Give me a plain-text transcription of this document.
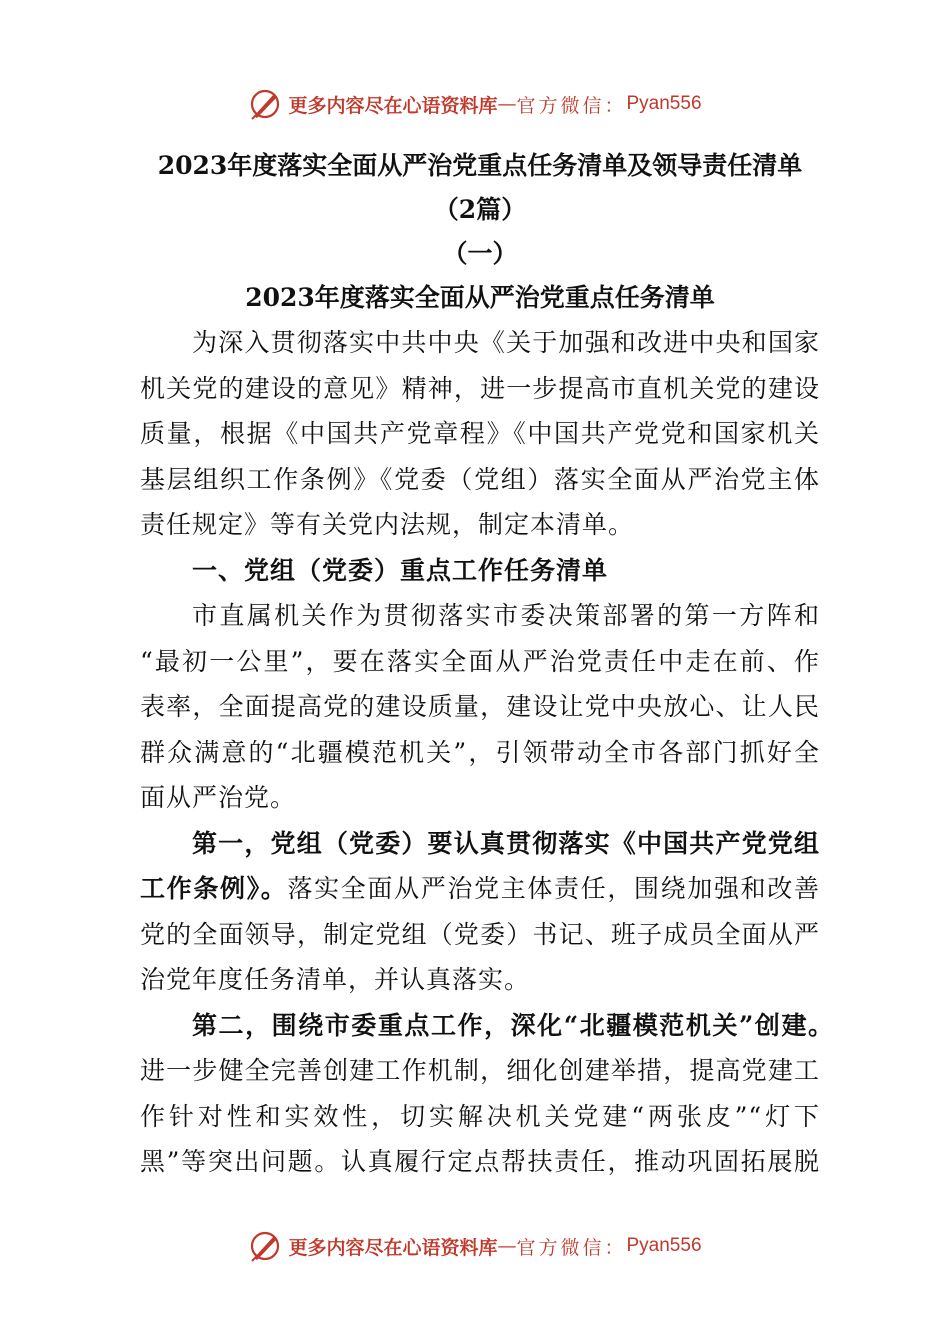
更多内容尽在心语资料库 — 官方微信： Pyan556
2023年度落实全面从严治党重点任务清单及领导责任清单
（2篇）
（一）
2023年度落实全面从严治党重点任务清单
为深入贯彻落实中共中央《关于加强和改进中央和国家
机关党的建设的意见》精神，进一步提高市直机关党的建设
质量，根据《中国共产党章程》《中国共产党党和国家机关
基层组织工作条例》《党委（党组）落实全面从严治党主体
责任规定》等有关党内法规，制定本清单。
一、党组（党委）重点工作任务清单
市直属机关作为贯彻落实市委决策部署的第一方阵和
“最初一公里”，要在落实全面从严治党责任中走在前、作
表率，全面提高党的建设质量，建设让党中央放心、让人民
群众满意的“北疆模范机关”，引领带动全市各部门抓好全
面从严治党。
第一，党组（党委）要认真贯彻落实《中国共产党党组
工作条例》。落实全面从严治党主体责任，围绕加强和改善
党的全面领导，制定党组（党委）书记、班子成员全面从严
治党年度任务清单，并认真落实。
第二，围绕市委重点工作，深化“北疆模范机关”创建。
进一步健全完善创建工作机制，细化创建举措，提高党建工
作针对性和实效性，切实解决机关党建“两张皮”“灯下
黑”等突出问题。认真履行定点帮扶责任，推动巩固拓展脱
更多内容尽在心语资料库 — 官方微信： Pyan556
